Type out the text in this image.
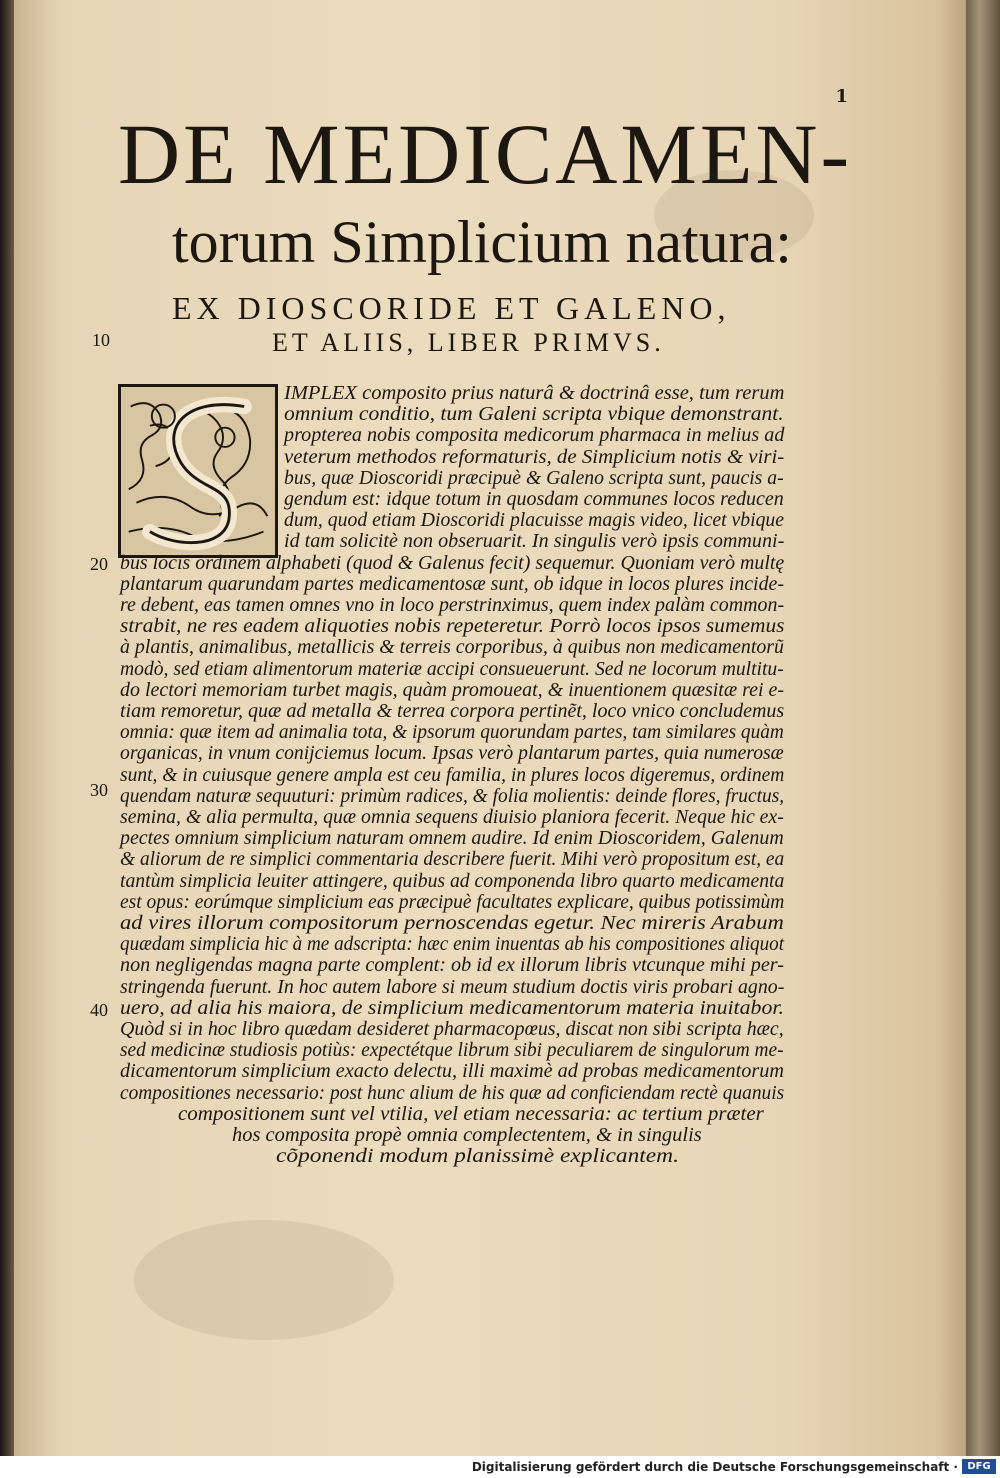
1
DE MEDICAMEN-
torum Simplicium natura:
EX DIOSCORIDE ET GALENO,
ET ALIIS, LIBER PRIMVS.
10
20
30
40
IMPLEX composito prius naturâ & doctrinâ esse, tum rerum
omnium conditio, tum Galeni scripta vbique demonstrant.
propterea nobis composita medicorum pharmaca in melius ad
veterum methodos reformaturis, de Simplicium notis & viri-
bus, quæ Dioscoridi præcipuè & Galeno scripta sunt, paucis a-
gendum est: idque totum in quosdam communes locos reducen
dum, quod etiam Dioscoridi placuisse magis video, licet vbique
id tam solicitè non obseruarit. In singulis verò ipsis communi-
bus locis ordinem alphabeti (quod & Galenus fecit) sequemur. Quoniam verò multę
plantarum quarundam partes medicamentosæ sunt, ob idque in locos plures incide-
re debent, eas tamen omnes vno in loco perstrinximus, quem index palàm common-
strabit, ne res eadem aliquoties nobis repeteretur. Porrò locos ipsos sumemus
à plantis, animalibus, metallicis & terreis corporibus, à quibus non medicamentorũ
modò, sed etiam alimentorum materiæ accipi consueuerunt. Sed ne locorum multitu-
do lectori memoriam turbet magis, quàm promoueat, & inuentionem quæsitæ rei e-
tiam remoretur, quæ ad metalla & terrea corpora pertinẽt, loco vnico concludemus
omnia: quæ item ad animalia tota, & ipsorum quorundam partes, tam similares quàm
organicas, in vnum conijciemus locum. Ipsas verò plantarum partes, quia numerosæ
sunt, & in cuiusque genere ampla est ceu familia, in plures locos digeremus, ordinem
quendam naturæ sequuturi: primùm radices, & folia molientis: deinde flores, fructus,
semina, & alia permulta, quæ omnia sequens diuisio planiora fecerit. Neque hic ex-
pectes omnium simplicium naturam omnem audire. Id enim Dioscoridem, Galenum
& aliorum de re simplici commentaria describere fuerit. Mihi verò propositum est, ea
tantùm simplicia leuiter attingere, quibus ad componenda libro quarto medicamenta
est opus: eorúmque simplicium eas præcipuè facultates explicare, quibus potissimùm
ad vires illorum compositorum pernoscendas egetur. Nec mireris Arabum
quædam simplicia hic à me adscripta: hæc enim inuentas ab his compositiones aliquot
non negligendas magna parte complent: ob id ex illorum libris vtcunque mihi per-
stringenda fuerunt. In hoc autem labore si meum studium doctis viris probari agno-
uero, ad alia his maiora, de simplicium medicamentorum materia inuitabor.
Quòd si in hoc libro quædam desideret pharmacopœus, discat non sibi scripta hæc,
sed medicinæ studiosis potiùs: expectétque librum sibi peculiarem de singulorum me-
dicamentorum simplicium exacto delectu, illi maximè ad probas medicamentorum
compositiones necessario: post hunc alium de his quæ ad conficiendam rectè quanuis
compositionem sunt vel vtilia, vel etiam necessaria: ac tertium præter
hos composita propè omnia complectentem, & in singulis
cõponendi modum planissimè explicantem.
Digitalisierung gefördert durch die Deutsche Forschungsgemeinschaft · DFG
